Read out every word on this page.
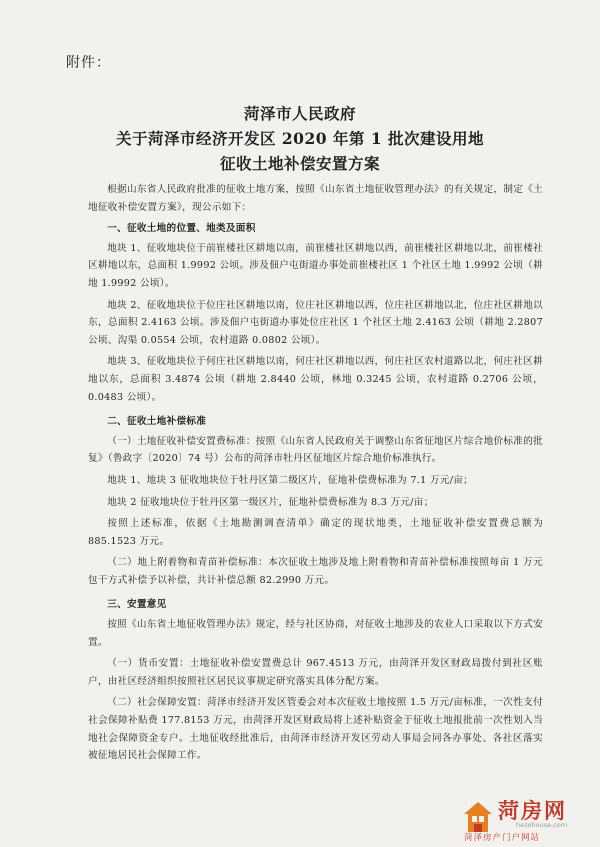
附件：
菏泽市人民政府
关于菏泽市经济开发区 2020 年第 1 批次建设用地
征收土地补偿安置方案

根据山东省人民政府批准的征收土地方案，按照《山东省土地征收管理办法》的有关规定，制定《土地征收补偿安置方案》，现公示如下：

一、征收土地的位置、地类及面积

地块 1、征收地块位于前崔楼社区耕地以南，前崔楼社区耕地以西，前崔楼社区耕地以北，前崔楼社区耕地以东，总面积 1.9992 公顷。涉及佃户屯街道办事处前崔楼社区 1 个社区土地 1.9992 公顷（耕地 1.9992 公顷）。

地块 2、征收地块位于位庄社区耕地以南，位庄社区耕地以西，位庄社区耕地以北，位庄社区耕地以东，总面积 2.4163 公顷。涉及佃户屯街道办事处位庄社区 1 个社区土地 2.4163 公顷（耕地 2.2807 公顷、沟渠 0.0554 公顷，农村道路 0.0802 公顷）。

地块 3、征收地块位于何庄社区耕地以南，何庄社区耕地以西，何庄社区农村道路以北，何庄社区耕地以东，总面积 3.4874 公顷（耕地 2.8440 公顷，林地 0.3245 公顷，农村道路 0.2706 公顷，0.0483 公顷）。

二、征收土地补偿标准

（一）土地征收补偿安置费标准：按照《山东省人民政府关于调整山东省征地区片综合地价标准的批复》（鲁政字〔2020〕74 号）公布的菏泽市牡丹区征地区片综合地价标准执行。

地块 1、地块 3 征收地块位于牡丹区第二级区片，征地补偿费标准为 7.1 万元/亩；

地块 2 征收地块位于牡丹区第一级区片，征地补偿费标准为 8.3 万元/亩；

按照上述标准，依据《土地勘测调查清单》确定的现状地类，土地征收补偿安置费总额为 885.1523 万元。

（二）地上附着物和青苗补偿标准：本次征收土地涉及地上附着物和青苗补偿标准按照每亩 1 万元包干方式补偿予以补偿，共计补偿总额 82.2990 万元。

三、安置意见

按照《山东省土地征收管理办法》规定，经与社区协商，对征收土地涉及的农业人口采取以下方式安置。

（一）货币安置：土地征收补偿安置费总计 967.4513 万元，由菏泽开发区财政局拨付到社区账户，由社区经济组织按照社区居民议事规定研究落实具体分配方案。

（二）社会保障安置：菏泽市经济开发区管委会对本次征收土地按照 1.5 万元/亩标准，一次性支付社会保障补贴费 177.8153 万元，由菏泽开发区财政局将上述补贴资金于征收土地报批前一次性划入当地社会保障资金专户。土地征收经批准后，由菏泽市经济开发区劳动人事局会同各办事处、各社区落实被征地居民社会保障工作。

菏房网
hezehouse.com
菏泽房产门户网站
